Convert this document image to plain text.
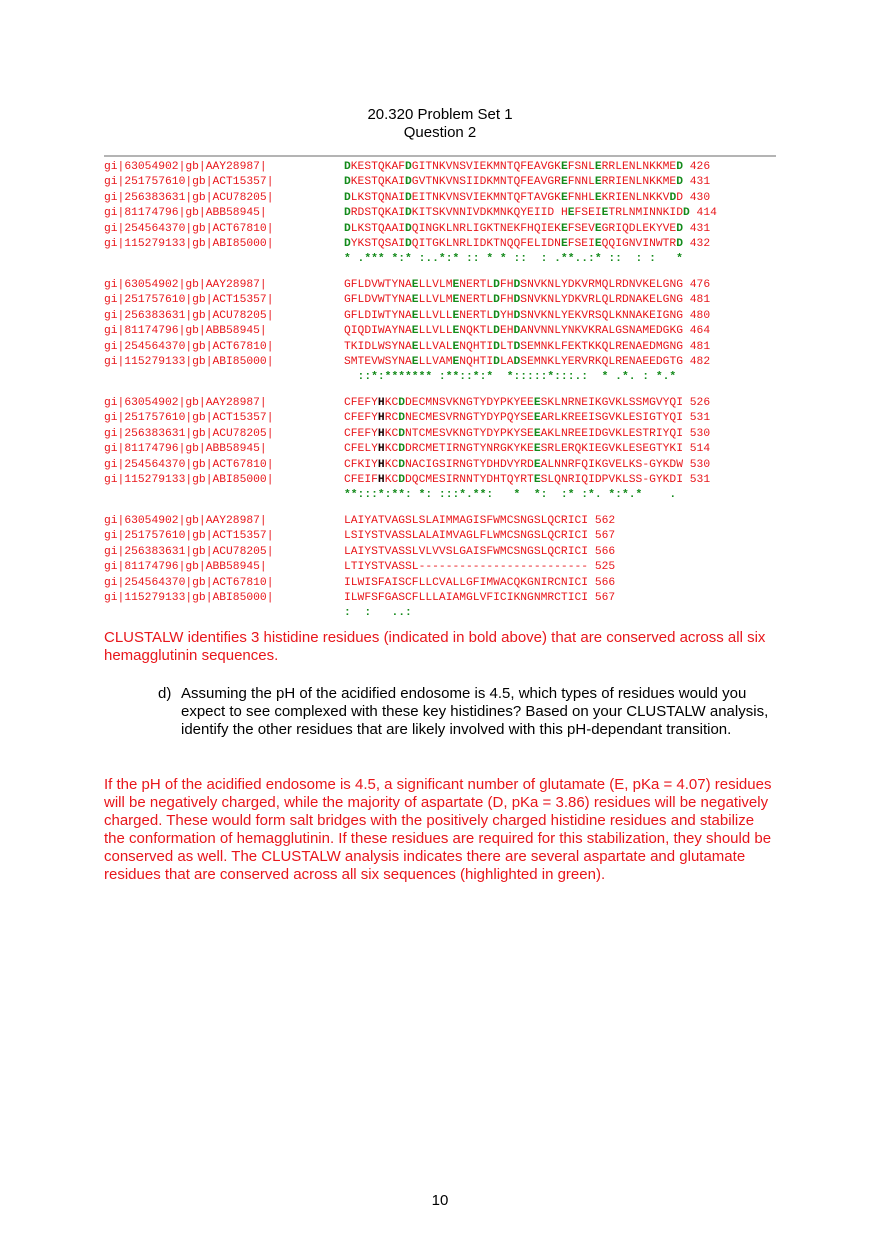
20.320 Problem Set 1
Question 2
gi|63054902|gb|AAY28987|	DKESTQKAFDGITNKVNSVIEKMNTQFEAVGKEFSNLERRLENLNKKMED 426
gi|251757610|gb|ACT15357|	DKESTQKAIDGVTNKVNSIIDKMNTQFEAVGREFNNLERRIENLNKKMED 431
gi|256383631|gb|ACU78205|	DLKSTQNAIDEITNKVNSVIEKMNTQFTAVGKEFNHLEKRIENLNKKVDD 430
gi|81174796|gb|ABB58945|	DRDSTQKAIDKITSKVNNIVDKMNKQYEIID HEFSEIETRLNMINNKIDD 414
gi|254564370|gb|ACT67810|	DLKSTQAAIDQINGKLNRLIGKTNEKFHQIEKEFSEVEGRIQDLEKYVED 431
gi|115279133|gb|ABI85000|	DYKSTQSAIDQITGKLNRLIDKTNQQFELIDNEFSEIEQQIGNVINWTRD 432
* .*** *:* :..*:* :: * * ::  : .**..:* ::  : :   *
gi|63054902|gb|AAY28987|	GFLDVWTYNAELLVLMENERTLDFHDSNVKNLYDKVRMQLRDNVKELGNG 476
gi|251757610|gb|ACT15357|	GFLDVWTYNAELLVLMENERTLDFHDSNVKNLYDKVRLQLRDNAKELGNG 481
gi|256383631|gb|ACU78205|	GFLDIWTYNAELLVLLENERTLDYHDSNVKNLYEKVRSQLKNNAKEIGNG 480
gi|81174796|gb|ABB58945|	QIQDIWAYNAELLVLLENQKTLDEHDANVNNLYNKVKRALGSNAMEDGKG 464
gi|254564370|gb|ACT67810|	TKIDLWSYNAELLVALENQHTIDLTDSEMNKLFEKTKKQLRENAEDMGNG 481
gi|115279133|gb|ABI85000|	SMTEVWSYNAELLVAMENQHTIDLADSEMNKLYERVRKQLRENAEEDGTG 482
::*:******* :**::*:*  *:::::*:::.:  * .*. : *.*
gi|63054902|gb|AAY28987|	CFEFYHKCDDECMNSVKNGTYDYPKYEEESKLNRNEIKGVKLSSMGVYQI 526
gi|251757610|gb|ACT15357|	CFEFYHRCDNECMESVRNGTYDYPQYSEEARLKREEISGVKLESIGTYQI 531
gi|256383631|gb|ACU78205|	CFEFYHKCDNTCMESVKNGTYDYPKYSEEAKLNREEIDGVKLESTRIYQI 530
gi|81174796|gb|ABB58945|	CFELYHKCDDRCMETIRNGTYNRGKYKEESRLERQKIEGVKLESEGTYKI 514
gi|254564370|gb|ACT67810|	CFKIYHKCDNACIGSIRNGTYDHDVYRDEALNNRFQIKGVELKS-GYKDW 530
gi|115279133|gb|ABI85000|	CFEIFHKCDDQCMESIRNNTYDHTQYRTESLQNRIQIDPVKLSS-GYKDI 531
**:::*:**: *: :::*.**:   *  *:  :* :*. *:*.*    .
gi|63054902|gb|AAY28987|	LAIYATVAGSLSLAIMMAGISFWMCSNGSLQCRICI 562
gi|251757610|gb|ACT15357|	LSIYSTVASSLALAIMVAGLFLWMCSNGSLQCRICI 567
gi|256383631|gb|ACU78205|	LAIYSTVASSLVLVVSLGAISFWMCSNGSLQCRICI 566
gi|81174796|gb|ABB58945|	LTIYSTVASSL------------------------- 525
gi|254564370|gb|ACT67810|	ILWISFAISCFLLCVALLGFIMWACQKGNIRCNICI 566
gi|115279133|gb|ABI85000|	ILWFSFGASCFLLLAIAMGLVFICIKNGNMRCTICI 567
:  :   ..:
CLUSTALW identifies 3 histidine residues (indicated in bold above) that are conserved across all six hemagglutinin sequences.
d) Assuming the pH of the acidified endosome is 4.5, which types of residues would you expect to see complexed with these key histidines? Based on your CLUSTALW analysis, identify the other residues that are likely involved with this pH-dependant transition.
If the pH of the acidified endosome is 4.5, a significant number of glutamate (E, pKa = 4.07) residues will be negatively charged, while the majority of aspartate (D, pKa = 3.86) residues will be negatively charged. These would form salt bridges with the positively charged histidine residues and stabilize the conformation of hemagglutinin. If these residues are required for this stabilization, they should be conserved as well. The CLUSTALW analysis indicates there are several aspartate and glutamate residues that are conserved across all six sequences (highlighted in green).
10
